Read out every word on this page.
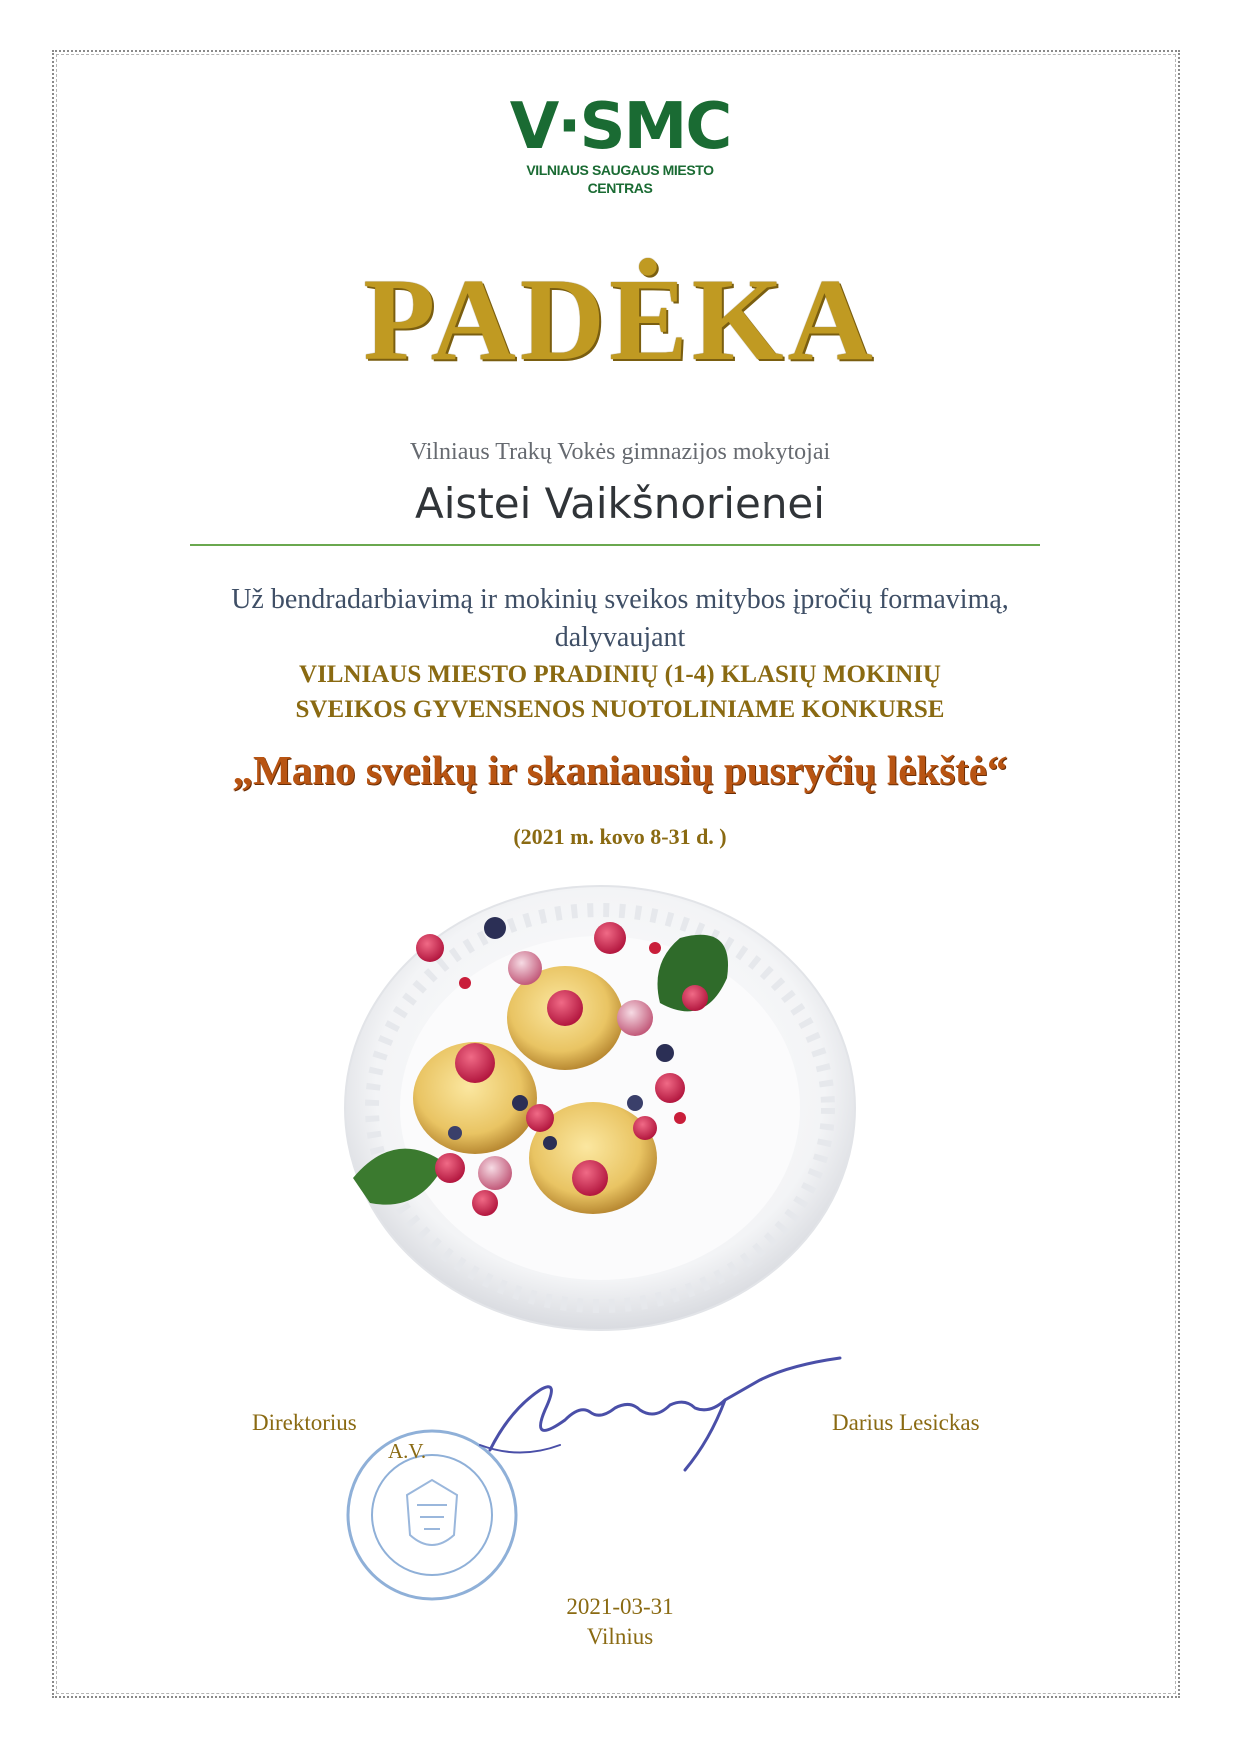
V·SMC
VILNIAUS SAUGAUS MIESTO CENTRAS
PADĖKA
Vilniaus Trakų Vokės gimnazijos mokytojai
Aistei Vaikšnorienei
Už bendradarbiavimą ir mokinių sveikos mitybos įpročių formavimą,
dalyvaujant
VILNIAUS MIESTO PRADINIŲ (1-4) KLASIŲ MOKINIŲ
SVEIKOS GYVENSENOS NUOTOLINIAME KONKURSE
„Mano sveikų ir skaniausių pusryčių lėkštė“
(2021 m. kovo 8-31 d. )
Direktorius
A.V.
Darius Lesickas
2021-03-31
Vilnius
